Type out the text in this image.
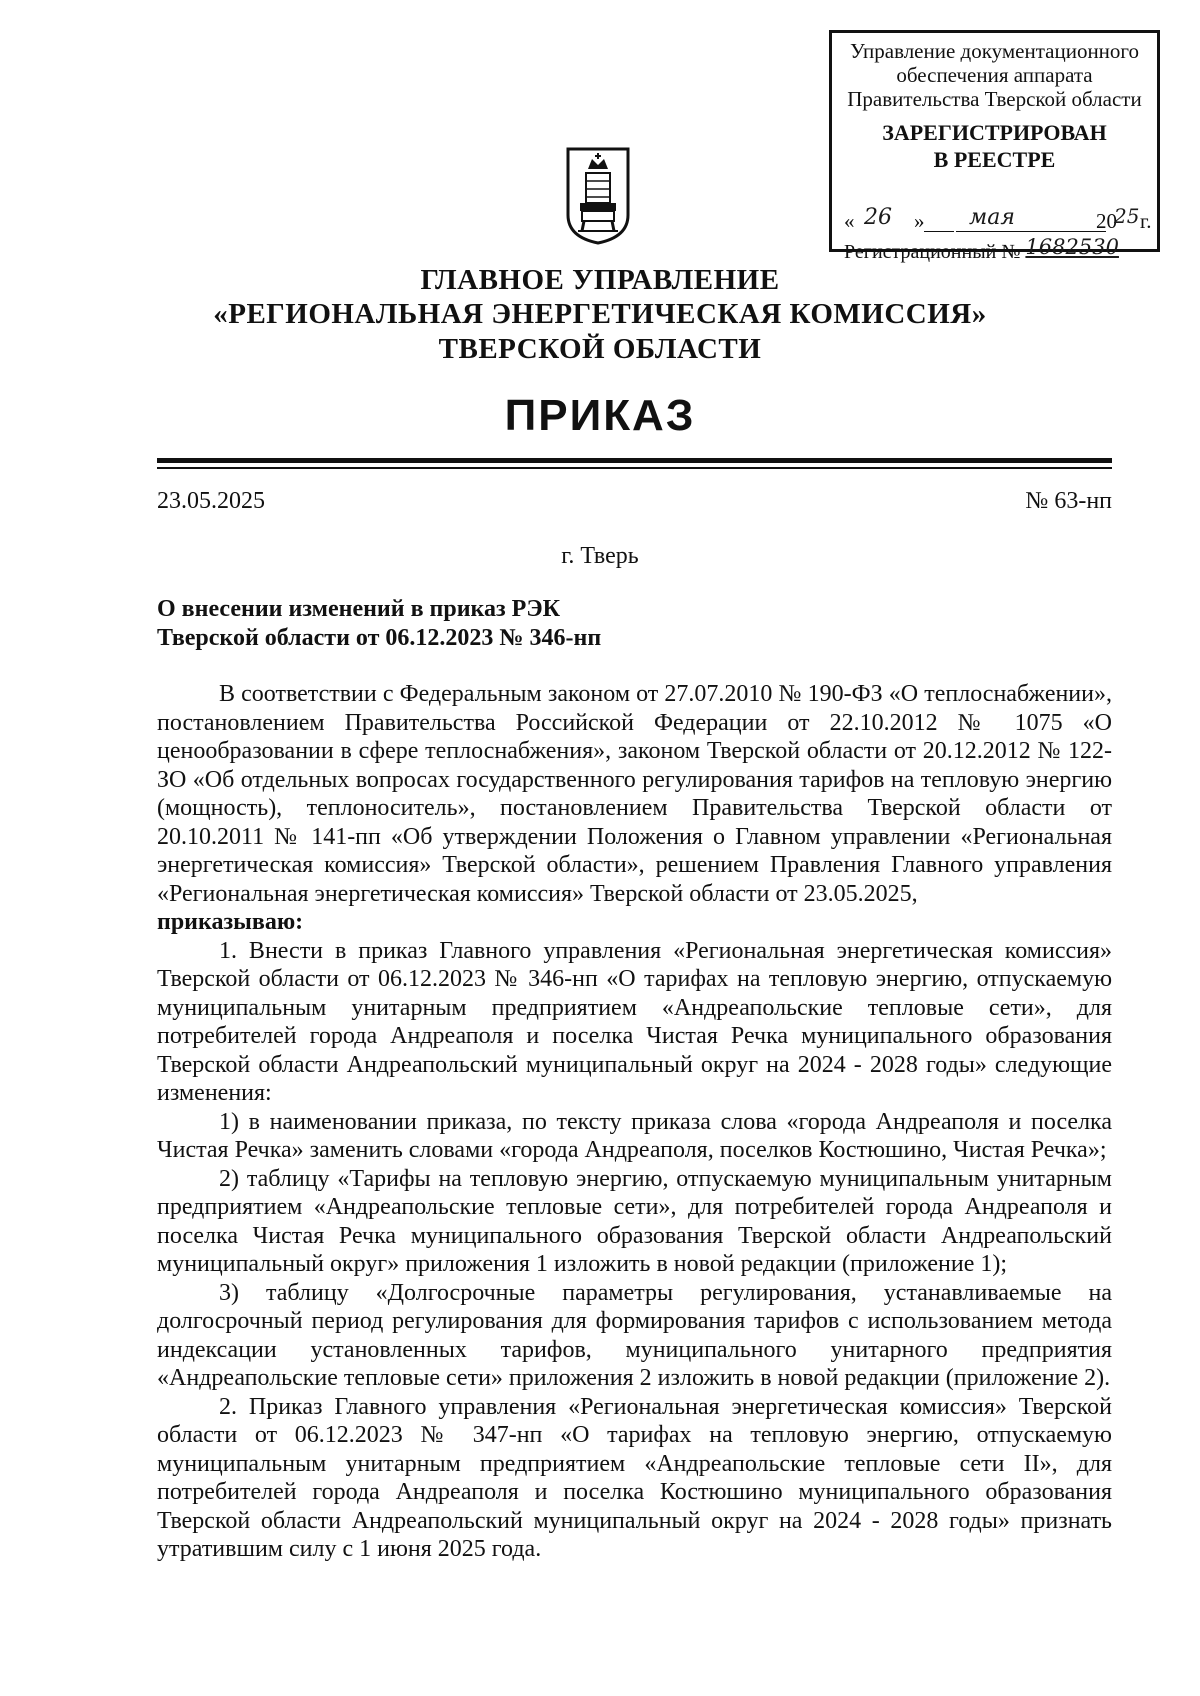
Управление документационного обеспечения аппарата Правительства Тверской области
ЗАРЕГИСТРИРОВАН
В РЕЕСТРЕ
« 26 » мая	20
25 г.
Регистрационный № 1682530
ГЛАВНОЕ УПРАВЛЕНИЕ
«РЕГИОНАЛЬНАЯ ЭНЕРГЕТИЧЕСКАЯ КОМИССИЯ»
ТВЕРСКОЙ ОБЛАСТИ
ПРИКАЗ
23.05.2025	№ 63-нп
г. Тверь
О внесении изменений в приказ РЭК
Тверской области от 06.12.2023 № 346-нп

В соответствии с Федеральным законом от 27.07.2010 № 190-ФЗ «О теплоснабжении», постановлением Правительства Российской Федерации от 22.10.2012 № 1075 «О ценообразовании в сфере теплоснабжения», законом Тверской области от 20.12.2012 № 122-ЗО «Об отдельных вопросах государственного регулирования тарифов на тепловую энергию (мощность), теплоноситель», постановлением Правительства Тверской области от 20.10.2011 № 141-пп «Об утверждении Положения о Главном управлении «Региональная энергетическая комиссия» Тверской области», решением Правления Главного управления «Региональная энергетическая комиссия» Тверской области от 23.05.2025,

приказываю:

1. Внести в приказ Главного управления «Региональная энергетическая комиссия» Тверской области от 06.12.2023 № 346-нп «О тарифах на тепловую энергию, отпускаемую муниципальным унитарным предприятием «Андреапольские тепловые сети», для потребителей города Андреаполя и поселка Чистая Речка муниципального образования Тверской области Андреапольский муниципальный округ на 2024 - 2028 годы» следующие изменения:

1) в наименовании приказа, по тексту приказа слова «города Андреаполя и поселка Чистая Речка» заменить словами «города Андреаполя, поселков Костюшино, Чистая Речка»;

2) таблицу «Тарифы на тепловую энергию, отпускаемую муниципальным унитарным предприятием «Андреапольские тепловые сети», для потребителей города Андреаполя и поселка Чистая Речка муниципального образования Тверской области Андреапольский муниципальный округ» приложения 1 изложить в новой редакции (приложение 1);

3) таблицу «Долгосрочные параметры регулирования, устанавливаемые на долгосрочный период регулирования для формирования тарифов с использованием метода индексации установленных тарифов, муниципального унитарного предприятия «Андреапольские тепловые сети» приложения 2 изложить в новой редакции (приложение 2).

2. Приказ Главного управления «Региональная энергетическая комиссия» Тверской области от 06.12.2023 № 347-нп «О тарифах на тепловую энергию, отпускаемую муниципальным унитарным предприятием «Андреапольские тепловые сети II», для потребителей города Андреаполя и поселка Костюшино муниципального образования Тверской области Андреапольский муниципальный округ на 2024 - 2028 годы» признать утратившим силу с 1 июня 2025 года.
